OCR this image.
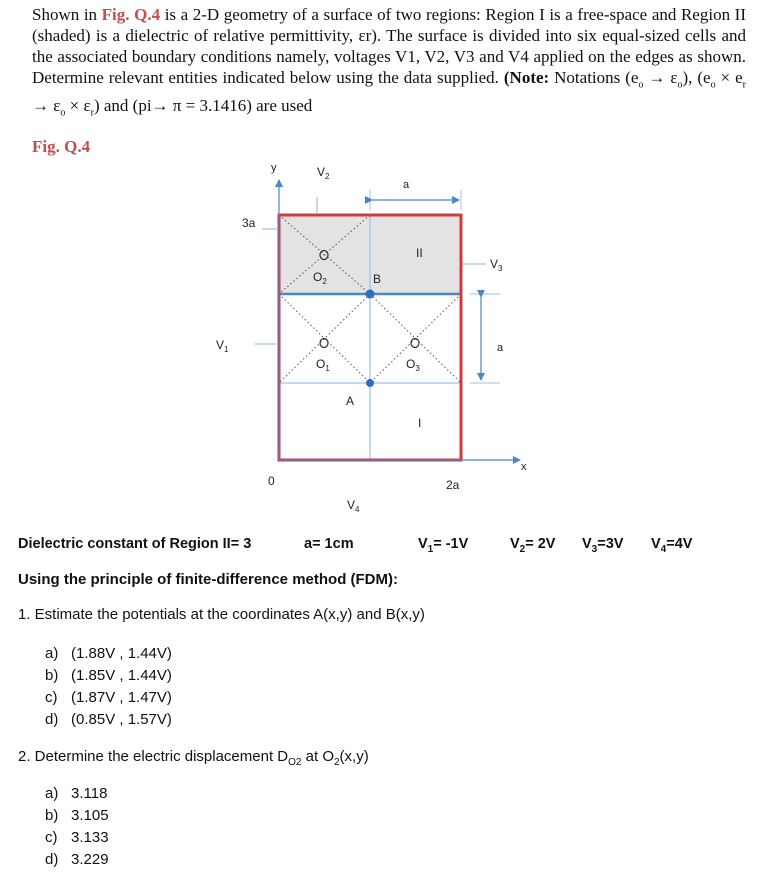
Shown in Fig. Q.4 is a 2-D geometry of a surface of two regions: Region I is a free-space and Region II (shaded) is a dielectric of relative permittivity, εr). The surface is divided into six equal-sized cells and the associated boundary conditions namely, voltages V1, V2, V3 and V4 applied on the edges as shown. Determine relevant entities indicated below using the data supplied. (Note: Notations $(e_o \to \varepsilon_o)$, $(e_o \times e_r \to \varepsilon_o \times \varepsilon_r)$ and (pi→ π = 3.1416) are used
Fig. Q.4
y
x
0	2a
3a
a
a
$V_2$
$V_1$
$V_3$
$V_4$
II
I
B
A
$O_2$
$O_1$	$O_3$
Dielectric constant of Region II= 3	a= 1cm	$V_1= -1V$	$V_2= 2V$ $V_3=3V$ $V_4=4V$
Using the principle of finite-difference method (FDM):
1. Estimate the potentials at the coordinates A(x,y) and B(x,y)
a) (1.88V , 1.44V)
b) (1.85V , 1.44V)
c) (1.87V , 1.47V)
d) (0.85V , 1.57V)
2. Determine the electric displacement $D_{O2}$ at $O_2(x,y)$
a) 3.118
b) 3.105
c) 3.133
d) 3.229
